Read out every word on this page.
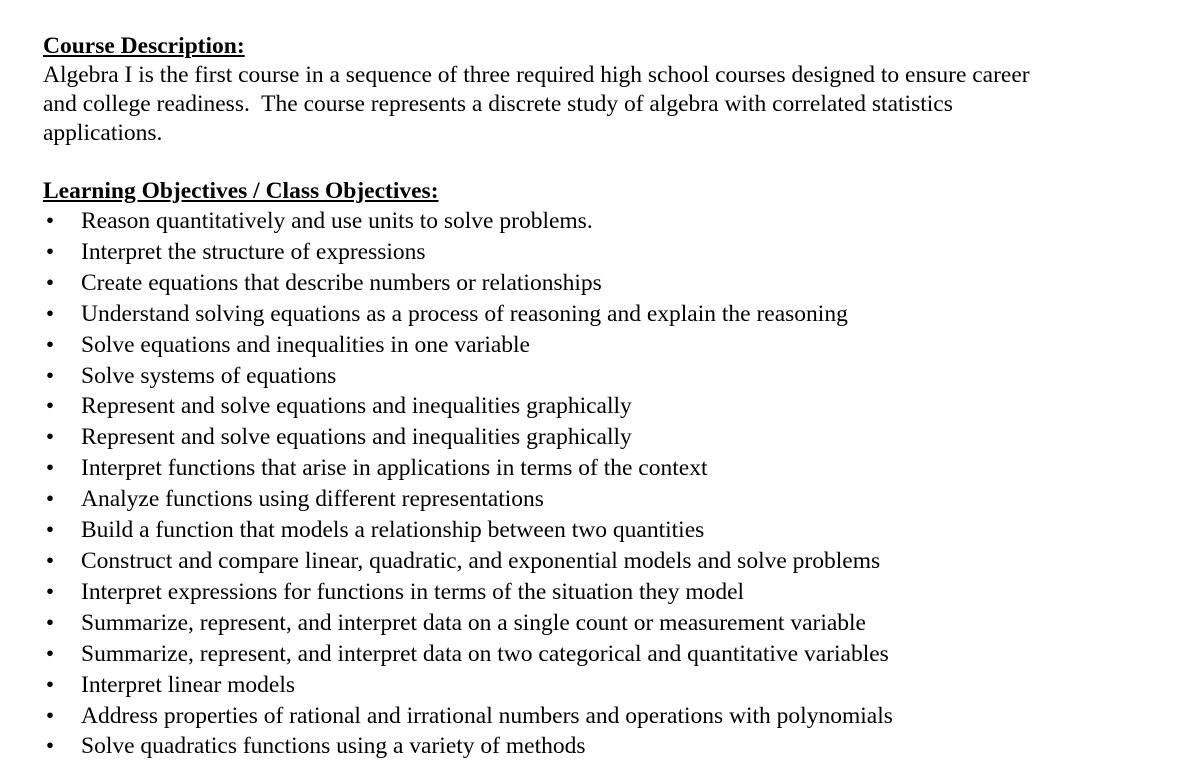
Course Description:

Algebra I is the first course in a sequence of three required high school courses designed to ensure career

and college readiness.  The course represents a discrete study of algebra with correlated statistics

applications.

Learning Objectives / Class Objectives:
• Reason quantitatively and use units to solve problems.
• Interpret the structure of expressions
• Create equations that describe numbers or relationships
• Understand solving equations as a process of reasoning and explain the reasoning
• Solve equations and inequalities in one variable
• Solve systems of equations
• Represent and solve equations and inequalities graphically
• Represent and solve equations and inequalities graphically
• Interpret functions that arise in applications in terms of the context
• Analyze functions using different representations
• Build a function that models a relationship between two quantities
• Construct and compare linear, quadratic, and exponential models and solve problems
• Interpret expressions for functions in terms of the situation they model
• Summarize, represent, and interpret data on a single count or measurement variable
• Summarize, represent, and interpret data on two categorical and quantitative variables
• Interpret linear models
• Address properties of rational and irrational numbers and operations with polynomials
• Solve quadratics functions using a variety of methods
